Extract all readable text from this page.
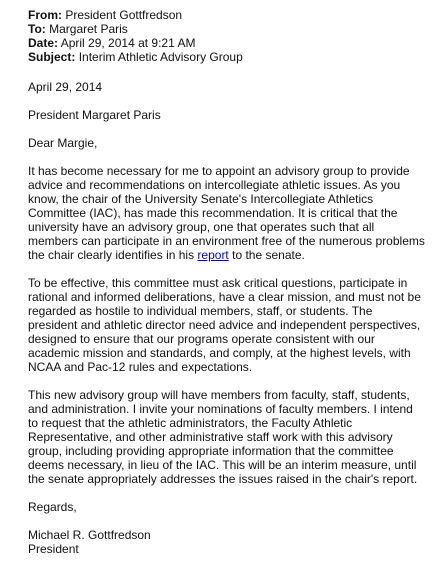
From: President Gottfredson
To: Margaret Paris
Date: April 29, 2014 at 9:21 AM
Subject: Interim Athletic Advisory Group

April 29, 2014

President Margaret Paris

Dear Margie,

It has become necessary for me to appoint an advisory group to provide advice and recommendations on intercollegiate athletic issues. As you know, the chair of the University Senate's Intercollegiate Athletics Committee (IAC), has made this recommendation. It is critical that the university have an advisory group, one that operates such that all members can participate in an environment free of the numerous problems the chair clearly identifies in his report to the senate.

To be effective, this committee must ask critical questions, participate in rational and informed deliberations, have a clear mission, and must not be regarded as hostile to individual members, staff, or students. The president and athletic director need advice and independent perspectives, designed to ensure that our programs operate consistent with our academic mission and standards, and comply, at the highest levels, with NCAA and Pac-12 rules and expectations.

This new advisory group will have members from faculty, staff, students, and administration. I invite your nominations of faculty members. I intend to request that the athletic administrators, the Faculty Athletic Representative, and other administrative staff work with this advisory group, including providing appropriate information that the committee deems necessary, in lieu of the IAC. This will be an interim measure, until the senate appropriately addresses the issues raised in the chair's report.

Regards,

Michael R. Gottfredson

President
